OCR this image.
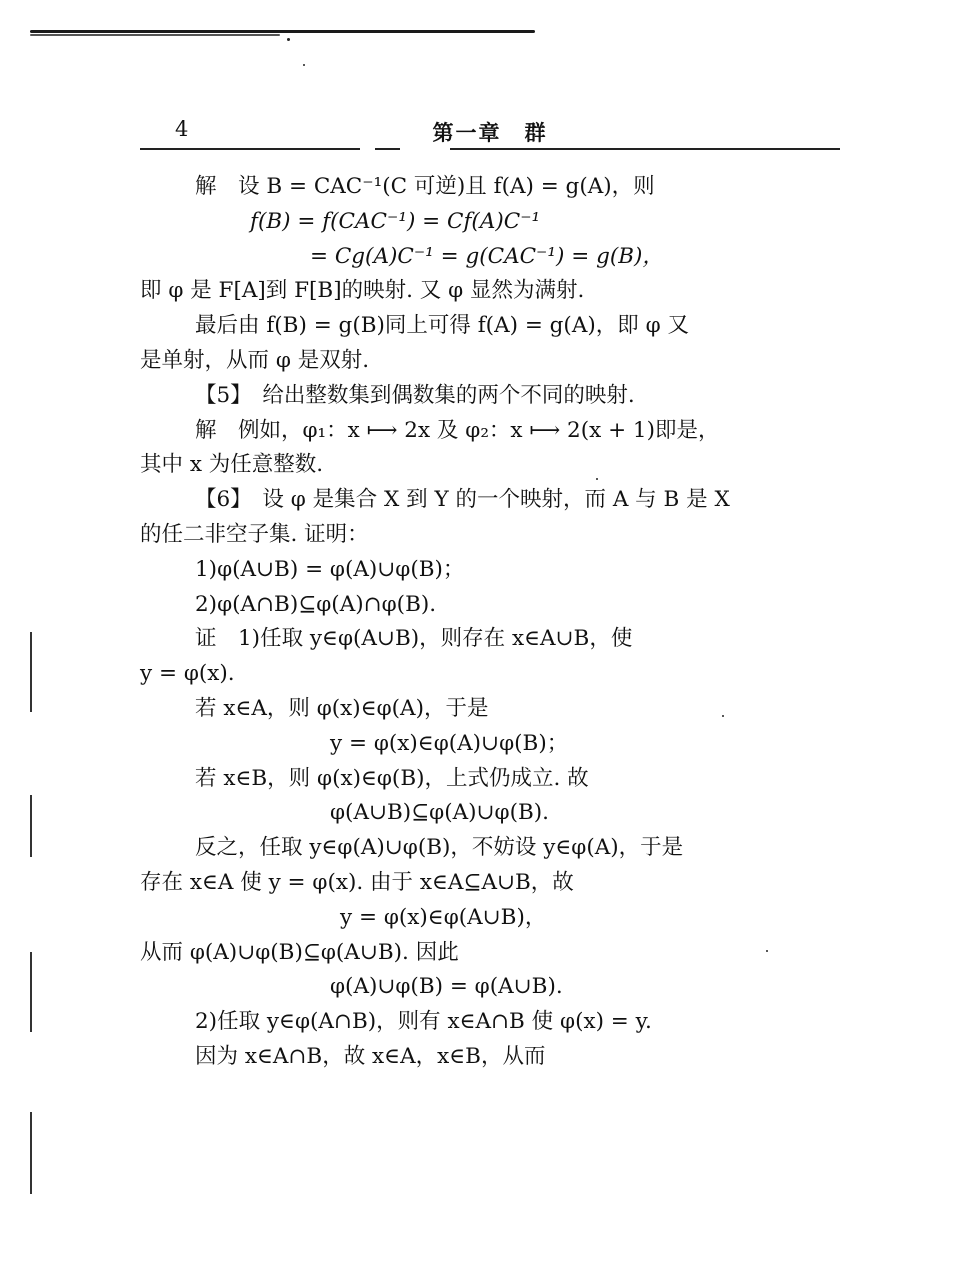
4	第一章　群
解　设 B = CAC⁻¹(C 可逆)且 f(A) = g(A)，则
f(B) = f(CAC⁻¹) = Cf(A)C⁻¹
= Cg(A)C⁻¹ = g(CAC⁻¹) = g(B)，
即 φ 是 F[A]到 F[B]的映射. 又 φ 显然为满射.
最后由 f(B) = g(B)同上可得 f(A) = g(A)，即 φ 又
是单射，从而 φ 是双射.
【5】　给出整数集到偶数集的两个不同的映射.
解　例如，φ₁：x ⟼ 2x 及 φ₂：x ⟼ 2(x + 1)即是，
其中 x 为任意整数.
【6】　设 φ 是集合 X 到 Y 的一个映射，而 A 与 B 是 X
的任二非空子集. 证明：
1)φ(A∪B) = φ(A)∪φ(B)；
2)φ(A∩B)⊆φ(A)∩φ(B).
证　1)任取 y∈φ(A∪B)，则存在 x∈A∪B，使
y = φ(x).
若 x∈A，则 φ(x)∈φ(A)，于是
y = φ(x)∈φ(A)∪φ(B)；
若 x∈B，则 φ(x)∈φ(B)，上式仍成立. 故
φ(A∪B)⊆φ(A)∪φ(B).
反之，任取 y∈φ(A)∪φ(B)，不妨设 y∈φ(A)，于是
存在 x∈A 使 y = φ(x). 由于 x∈A⊆A∪B，故
y = φ(x)∈φ(A∪B)，
从而 φ(A)∪φ(B)⊆φ(A∪B). 因此
φ(A)∪φ(B) = φ(A∪B).
2)任取 y∈φ(A∩B)，则有 x∈A∩B 使 φ(x) = y.
因为 x∈A∩B，故 x∈A，x∈B，从而
